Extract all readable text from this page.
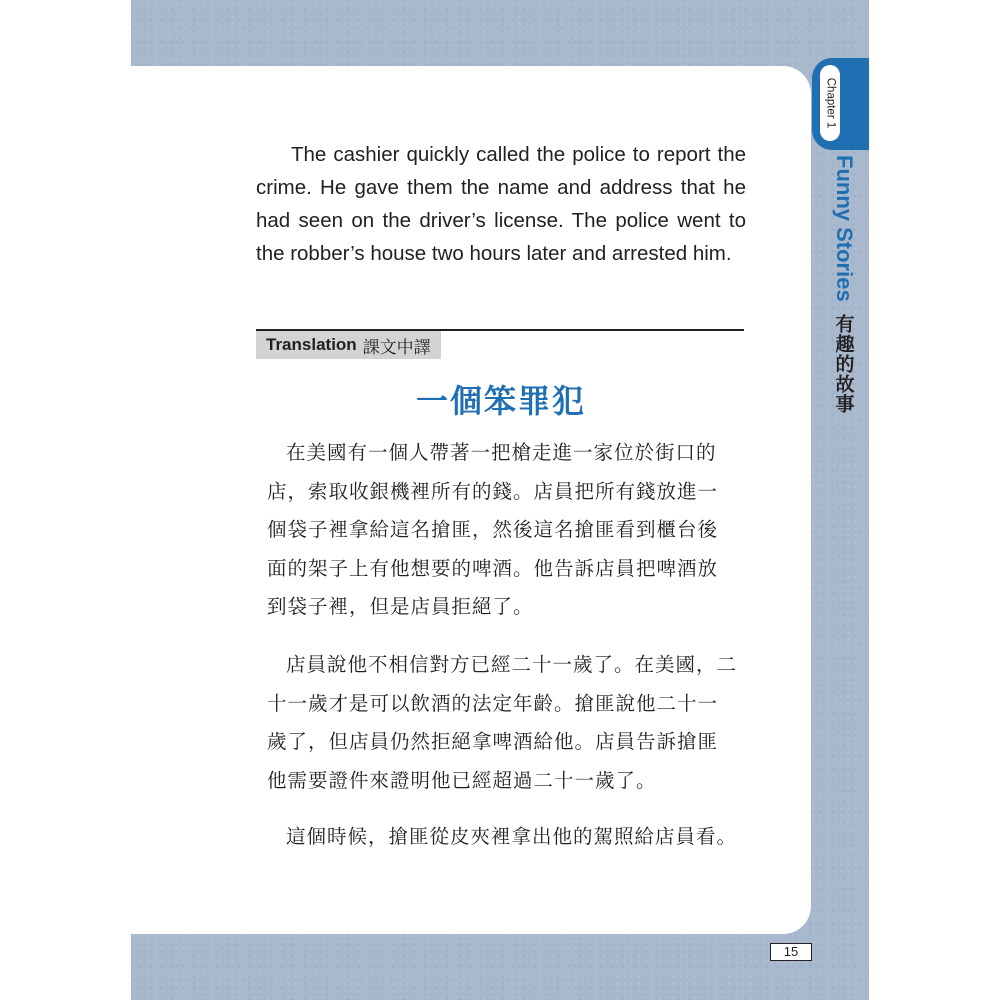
The cashier quickly called the police to report the crime. He gave them the name and address that he had seen on the driver’s license. The police went to the robber’s house two hours later and arrested him.

Translation 課文中譯
一個笨罪犯

在美國有一個人帶著一把槍走進一家位於街口的店，索取收銀機裡所有的錢。店員把所有錢放進一個袋子裡拿給這名搶匪，然後這名搶匪看到櫃台後面的架子上有他想要的啤酒。他告訴店員把啤酒放到袋子裡，但是店員拒絕了。

店員說他不相信對方已經二十一歲了。在美國，二十一歲才是可以飲酒的法定年齡。搶匪說他二十一歲了，但店員仍然拒絕拿啤酒給他。店員告訴搶匪他需要證件來證明他已經超過二十一歲了。

這個時候，搶匪從皮夾裡拿出他的駕照給店員看。

Chapter 1
Funny Stories
有趣的故事
15
